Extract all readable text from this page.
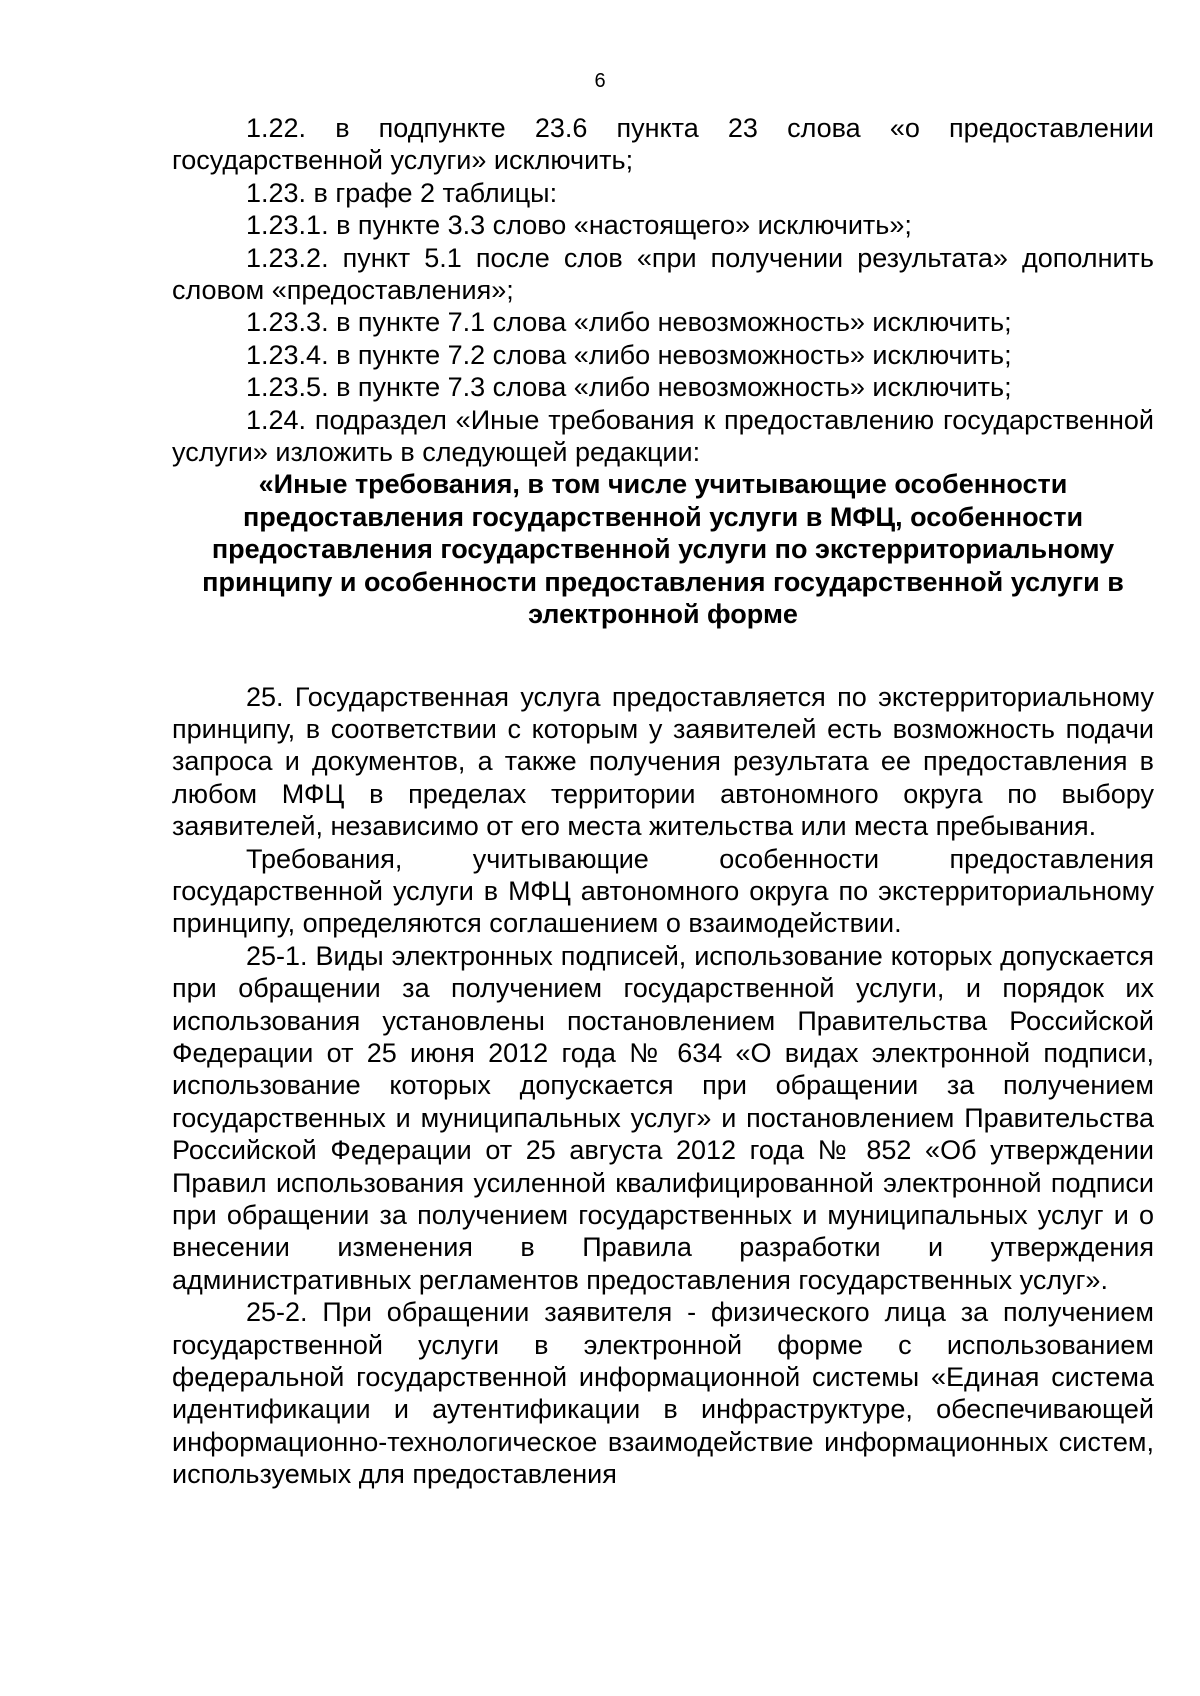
6

1.22. в подпункте 23.6 пункта 23 слова «о предоставлении государственной услуги» исключить;

1.23. в графе 2 таблицы:

1.23.1. в пункте 3.3 слово «настоящего» исключить»;

1.23.2. пункт 5.1 после слов «при получении результата» дополнить словом «предоставления»;

1.23.3. в пункте 7.1 слова «либо невозможность» исключить;

1.23.4. в пункте 7.2 слова «либо невозможность» исключить;

1.23.5. в пункте 7.3 слова «либо невозможность» исключить;

1.24. подраздел «Иные требования к предоставлению государственной услуги» изложить в следующей редакции:

«Иные требования, в том числе учитывающие особенности предоставления государственной услуги в МФЦ, особенности предоставления государственной услуги по экстерриториальному принципу и особенности предоставления государственной услуги в электронной форме

25. Государственная услуга предоставляется по экстерриториальному принципу, в соответствии с которым у заявителей есть возможность подачи запроса и документов, а также получения результата ее предоставления в любом МФЦ в пределах территории автономного округа по выбору заявителей, независимо от его места жительства или места пребывания.

Требования, учитывающие особенности предоставления государственной услуги в МФЦ автономного округа по экстерриториальному принципу, определяются соглашением о взаимодействии.

25-1. Виды электронных подписей, использование которых допускается при обращении за получением государственной услуги, и порядок их использования установлены постановлением Правительства Российской Федерации от 25 июня 2012 года № 634 «О видах электронной подписи, использование которых допускается при обращении за получением государственных и муниципальных услуг» и постановлением Правительства Российской Федерации от 25 августа 2012 года № 852 «Об утверждении Правил использования усиленной квалифицированной электронной подписи при обращении за получением государственных и муниципальных услуг и о внесении изменения в Правила разработки и утверждения административных регламентов предоставления государственных услуг».

25-2. При обращении заявителя - физического лица за получением государственной услуги в электронной форме с использованием федеральной государственной информационной системы «Единая система идентификации и аутентификации в инфраструктуре, обеспечивающей информационно-технологическое взаимодействие информационных систем, используемых для предоставления
